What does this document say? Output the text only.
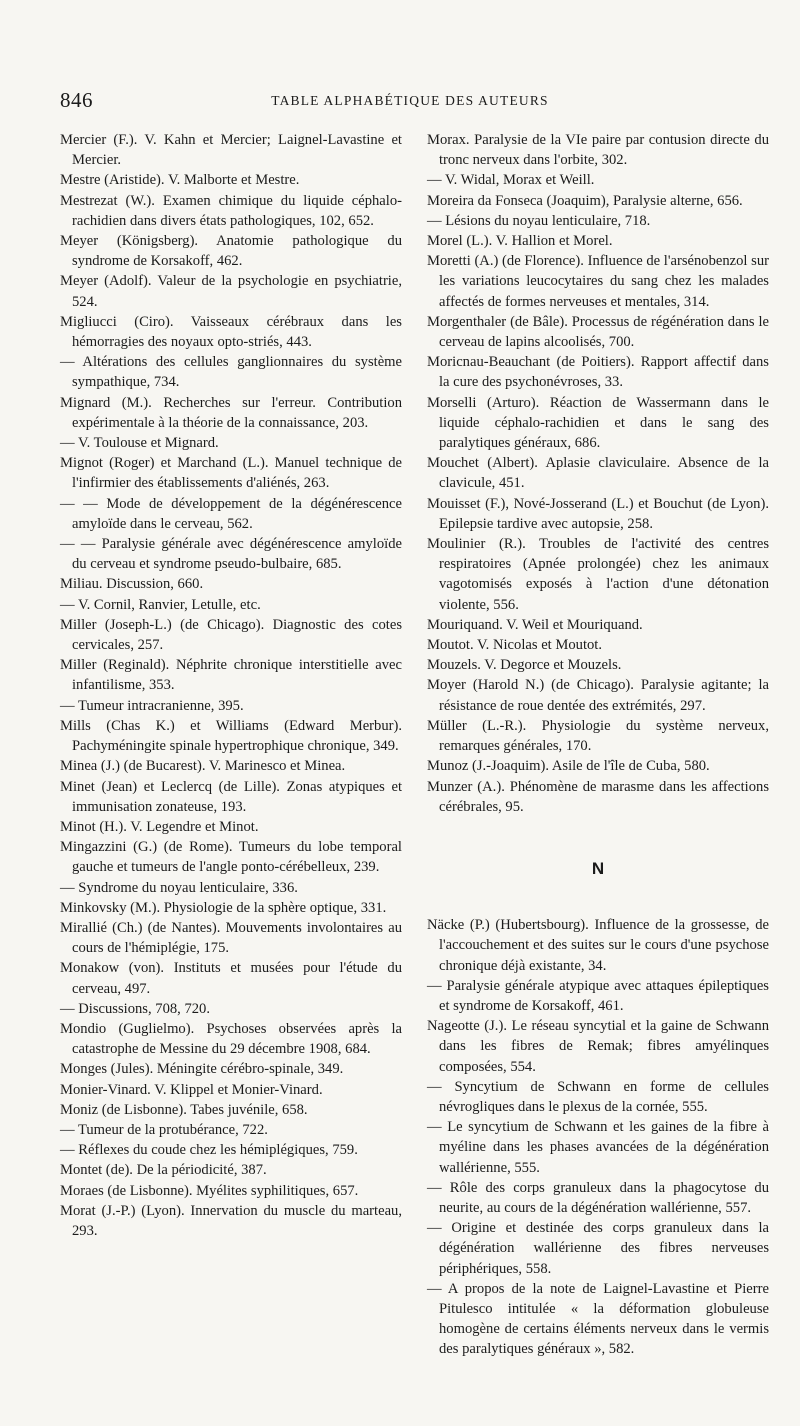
846	TABLE ALPHABÉTIQUE DES AUTEURS

Mercier (F.). V. Kahn et Mercier; Laignel-Lavastine et Mercier.

Mestre (Aristide). V. Malborte et Mestre.

Mestrezat (W.). Examen chimique du liquide céphalo-rachidien dans divers états pathologiques, 102, 652.

Meyer (Königsberg). Anatomie pathologique du syndrome de Korsakoff, 462.

Meyer (Adolf). Valeur de la psychologie en psychiatrie, 524.

Migliucci (Ciro). Vaisseaux cérébraux dans les hémorragies des noyaux opto-striés, 443.

— Altérations des cellules ganglionnaires du système sympathique, 734.

Mignard (M.). Recherches sur l'erreur. Contribution expérimentale à la théorie de la connaissance, 203.

— V. Toulouse et Mignard.

Mignot (Roger) et Marchand (L.). Manuel technique de l'infirmier des établissements d'aliénés, 263.

— — Mode de développement de la dégénérescence amyloïde dans le cerveau, 562.

— — Paralysie générale avec dégénérescence amyloïde du cerveau et syndrome pseudo-bulbaire, 685.

Miliau. Discussion, 660.

— V. Cornil, Ranvier, Letulle, etc.

Miller (Joseph-L.) (de Chicago). Diagnostic des cotes cervicales, 257.

Miller (Reginald). Néphrite chronique interstitielle avec infantilisme, 353.

— Tumeur intracranienne, 395.

Mills (Chas K.) et Williams (Edward Merbur). Pachyméningite spinale hypertrophique chronique, 349.

Minea (J.) (de Bucarest). V. Marinesco et Minea.

Minet (Jean) et Leclercq (de Lille). Zonas atypiques et immunisation zonateuse, 193.

Minot (H.). V. Legendre et Minot.

Mingazzini (G.) (de Rome). Tumeurs du lobe temporal gauche et tumeurs de l'angle ponto-cérébelleux, 239.

— Syndrome du noyau lenticulaire, 336.

Minkovsky (M.). Physiologie de la sphère optique, 331.

Mirallié (Ch.) (de Nantes). Mouvements involontaires au cours de l'hémiplégie, 175.

Monakow (von). Instituts et musées pour l'étude du cerveau, 497.

— Discussions, 708, 720.

Mondio (Guglielmo). Psychoses observées après la catastrophe de Messine du 29 décembre 1908, 684.

Monges (Jules). Méningite cérébro-spinale, 349.

Monier-Vinard. V. Klippel et Monier-Vinard.

Moniz (de Lisbonne). Tabes juvénile, 658.

— Tumeur de la protubérance, 722.

— Réflexes du coude chez les hémiplégiques, 759.

Montet (de). De la périodicité, 387.

Moraes (de Lisbonne). Myélites syphilitiques, 657.

Morat (J.-P.) (Lyon). Innervation du muscle du marteau, 293.

Morax. Paralysie de la VIe paire par contusion directe du tronc nerveux dans l'orbite, 302.

— V. Widal, Morax et Weill.

Moreira da Fonseca (Joaquim), Paralysie alterne, 656.

— Lésions du noyau lenticulaire, 718.

Morel (L.). V. Hallion et Morel.

Moretti (A.) (de Florence). Influence de l'arsénobenzol sur les variations leucocytaires du sang chez les malades affectés de formes nerveuses et mentales, 314.

Morgenthaler (de Bâle). Processus de régénération dans le cerveau de lapins alcoolisés, 700.

Moricnau-Beauchant (de Poitiers). Rapport affectif dans la cure des psychonévroses, 33.

Morselli (Arturo). Réaction de Wassermann dans le liquide céphalo-rachidien et dans le sang des paralytiques généraux, 686.

Mouchet (Albert). Aplasie claviculaire. Absence de la clavicule, 451.

Mouisset (F.), Nové-Josserand (L.) et Bouchut (de Lyon). Epilepsie tardive avec autopsie, 258.

Moulinier (R.). Troubles de l'activité des centres respiratoires (Apnée prolongée) chez les animaux vagotomisés exposés à l'action d'une détonation violente, 556.

Mouriquand. V. Weil et Mouriquand.

Moutot. V. Nicolas et Moutot.

Mouzels. V. Degorce et Mouzels.

Moyer (Harold N.) (de Chicago). Paralysie agitante; la résistance de roue dentée des extrémités, 297.

Müller (L.-R.). Physiologie du système nerveux, remarques générales, 170.

Munoz (J.-Joaquim). Asile de l'île de Cuba, 580.

Munzer (A.). Phénomène de marasme dans les affections cérébrales, 95.

N

Näcke (P.) (Hubertsbourg). Influence de la grossesse, de l'accouchement et des suites sur le cours d'une psychose chronique déjà existante, 34.

— Paralysie générale atypique avec attaques épileptiques et syndrome de Korsakoff, 461.

Nageotte (J.). Le réseau syncytial et la gaine de Schwann dans les fibres de Remak; fibres amyélinques composées, 554.

— Syncytium de Schwann en forme de cellules névrogliques dans le plexus de la cornée, 555.

— Le syncytium de Schwann et les gaines de la fibre à myéline dans les phases avancées de la dégénération wallérienne, 555.

— Rôle des corps granuleux dans la phagocytose du neurite, au cours de la dégénération wallérienne, 557.

— Origine et destinée des corps granuleux dans la dégénération wallérienne des fibres nerveuses périphériques, 558.

— A propos de la note de Laignel-Lavastine et Pierre Pitulesco intitulée « la déformation globuleuse homogène de certains éléments nerveux dans le vermis des paralytiques généraux », 582.
